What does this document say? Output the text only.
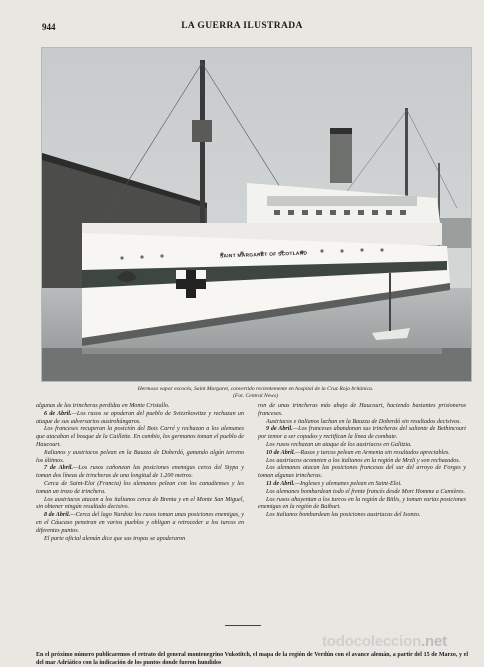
944	LA GUERRA ILUSTRADA
SAINT MARGARET OF SCOTLAND
Hermoso vapor escocés, Saint Margaret, convertido recientemente en hospital de la Cruz Roja británica.
(Fot. Central News)

algunas de las trincheras perdidas en Monte Cristallo.

6 de Abril.—Los rusos se apoderan del pueblo de Sviezrkowitze y rechazan un ataque de sus adversarios austrohúngaros.

Los franceses recuperan la posición del Bois Carré y rechazan a los alemanes que atacaban el bosque de la Caillette. En cambio, los germanos toman el pueblo de Haucourt.

Italianos y austriacos pelean en la Bauzza de Doberdó, ganando algún terreno los últimos.

7 de Abril.—Los rusos cañonean las posiciones enemigas cerca del Stypa y toman dos líneas de trincheras de una longitud de 1.200 metros.

Cerca de Saint-Eloi (Francia) los alemanes pelean con los canadienses y les toman un trozo de trinchera.

Los austriacos atacan a los italianos cerca de Brenta y en el Monte San Miguel, sin obtener ningún resultado decisivo.

8 de Abril.—Cerca del lago Nardotz los rusos toman unas posiciones enemigas, y en el Cáucaso penetran en varios pueblos y obligan a retroceder a los turcos en diferentes puntos.

El parte oficial alemán dice que sus tropas se apoderaron

ron de unas trincheras más abajo de Haucourt, haciendo bastantes prisioneros franceses.

Austriacos e italianos luchan en la Bauzza de Doberdó sin resultados decisivos.

9 de Abril.—Los franceses abandonan sus trincheras del saliente de Bethincourt por temor a ser copados y rectifican la línea de combate.

Los rusos rechazan un ataque de los austriacos en Galitzia.

10 de Abril.—Rusos y turcos pelean en Armenia sin resultados apreciables.

Los austriacos acometen a los italianos en la región de Mrzli y son rechazados.

Los alemanes atacan las posiciones francesas del sur del arroyo de Forges y toman algunas trincheras.

11 de Abril.—Ingleses y alemanes pelean en Saint-Eloi.

Los alemanes bombardean todo el frente francés desde Mort Homme a Cumières.

Los rusos ahuyentan a los turcos en la región de Bitlis, y toman varias posiciones enemigas en la región de Baiburt.

Los italianos bombardean las posiciones austriacas del Isonzo.

todocoleccion.net
En el próximo número publicaremos el retrato del general montenegrino Vukotitch, el mapa de la región de Verdún con el avance alemán, a partir del 15 de Marzo, y el del mar Adriático con la indicación de los puntos donde fueron hundidos
